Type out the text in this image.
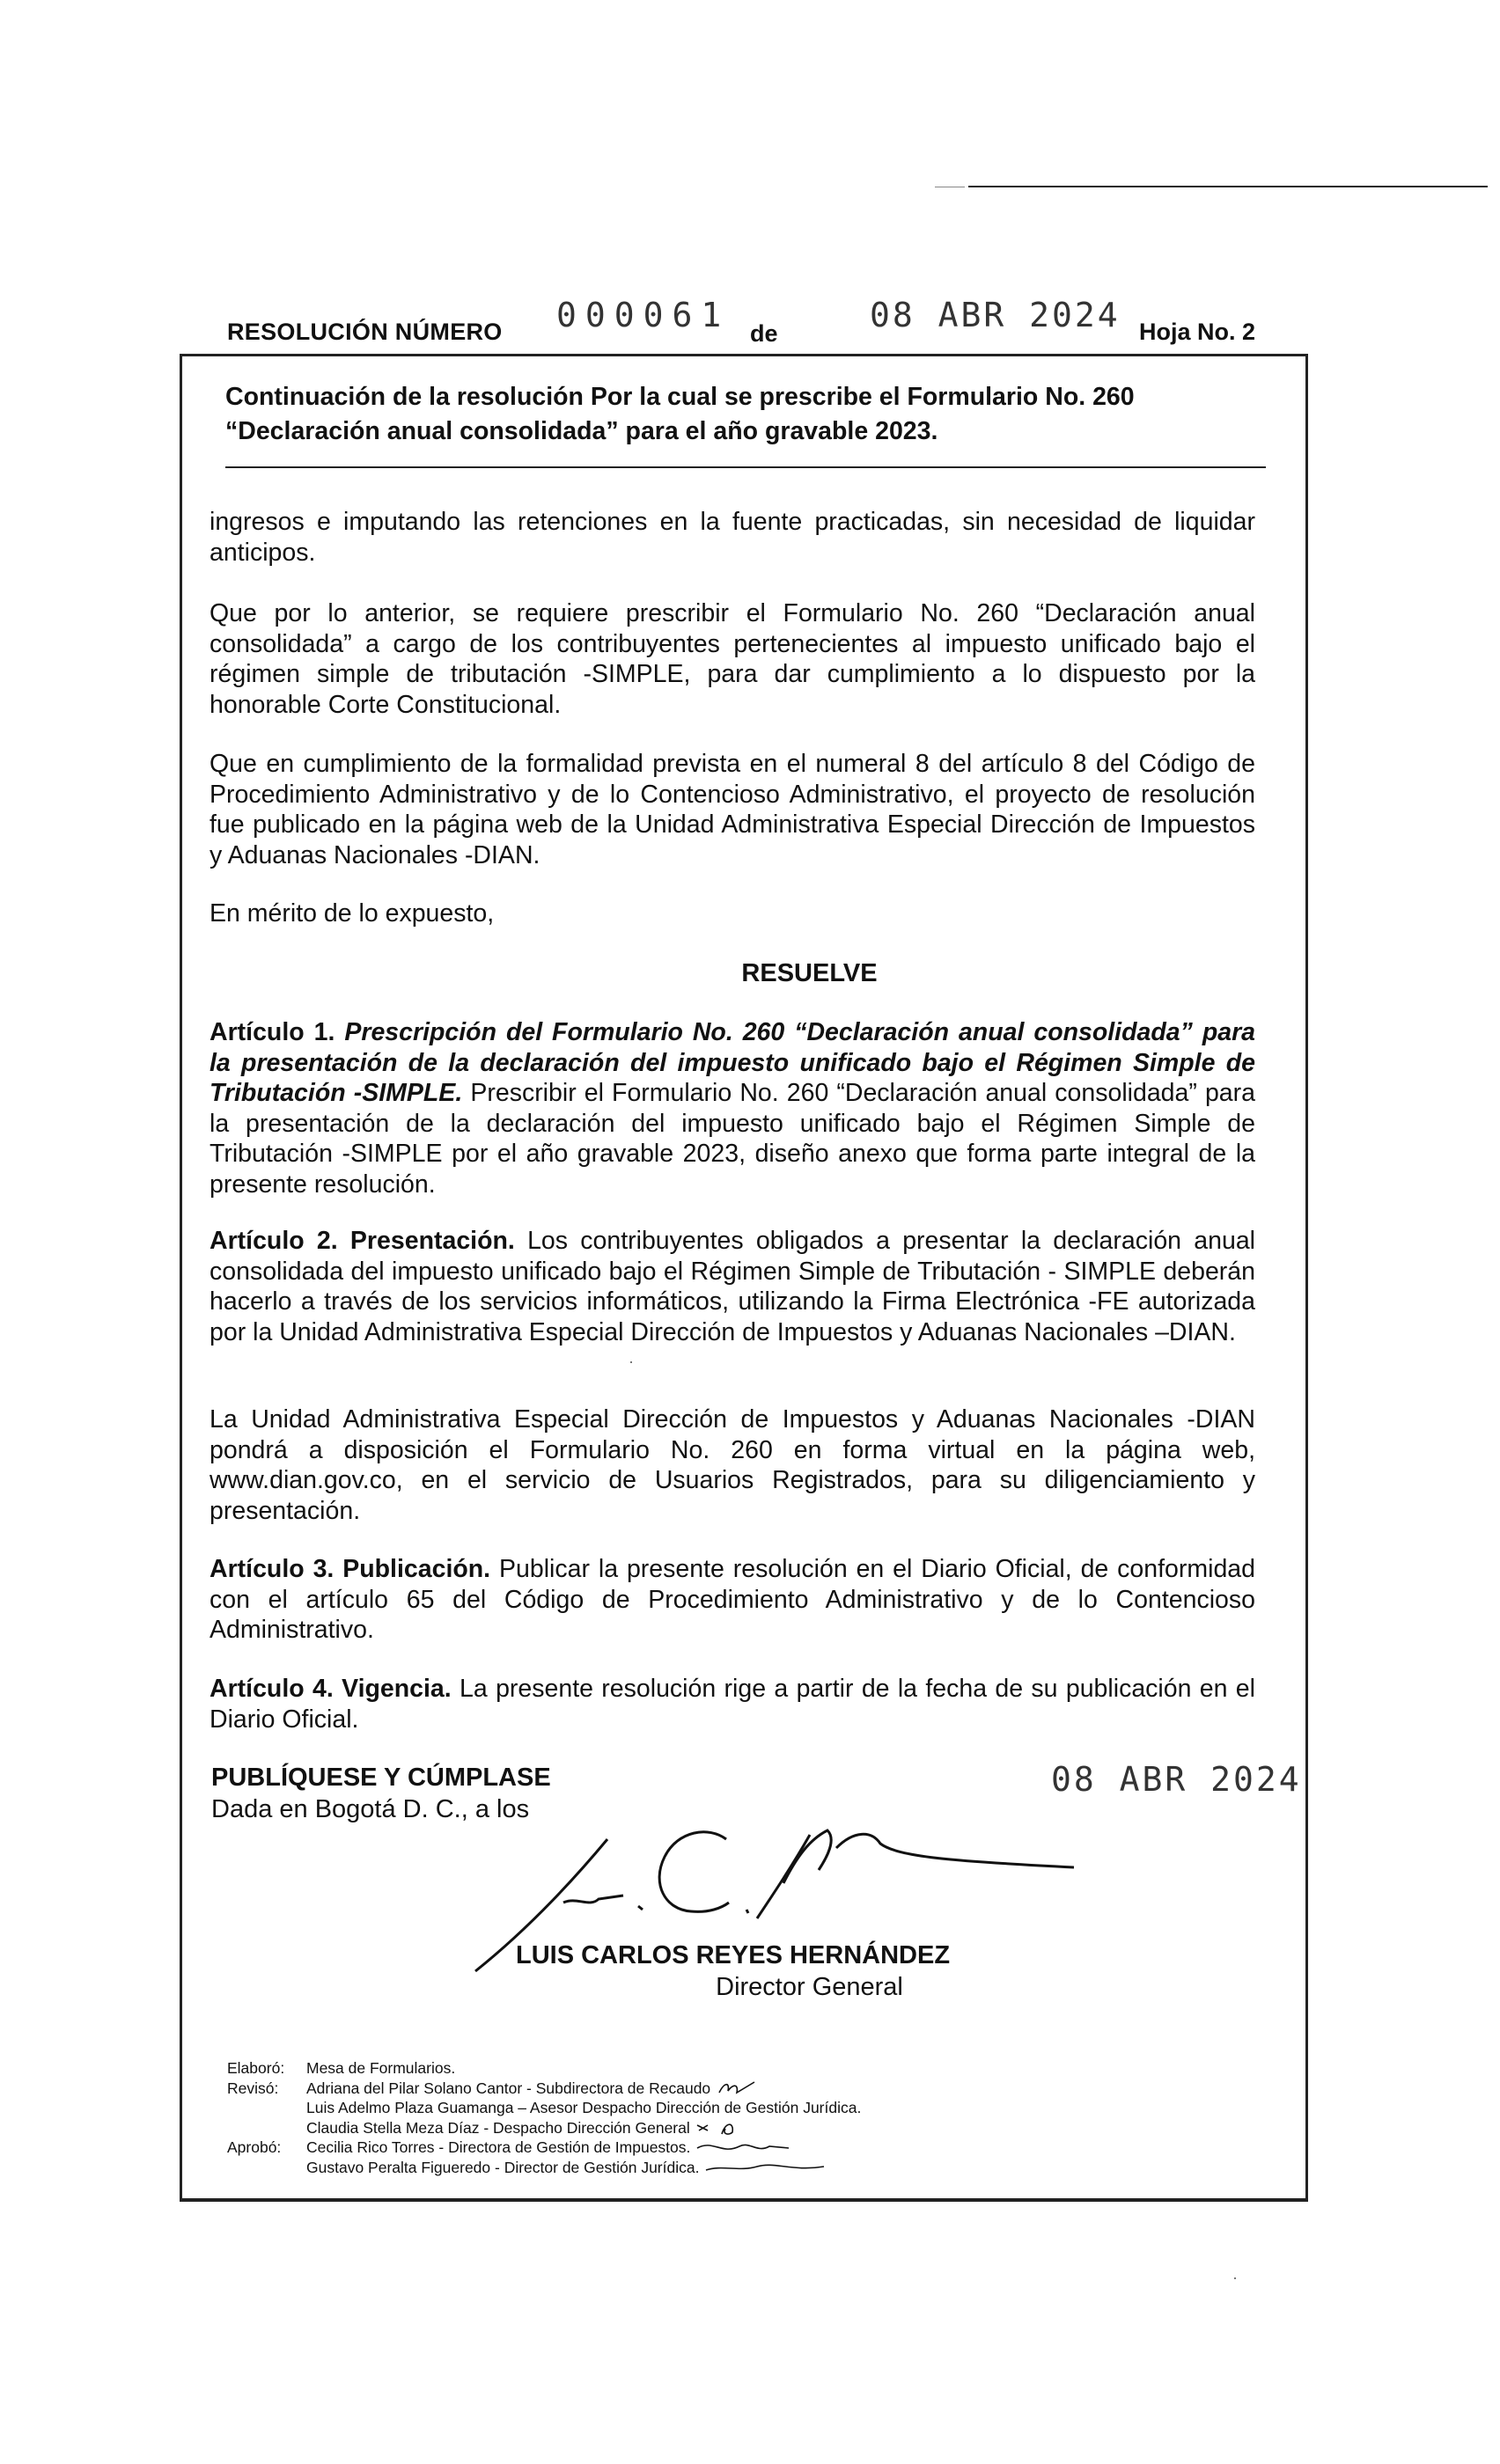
RESOLUCIÓN NÚMERO 000061 de	08 ABR 2024 Hoja No. 2
Continuación de la resolución Por la cual se prescribe el Formulario No. 260
“Declaración anual consolidada” para el año gravable 2023.
ingresos e imputando las retenciones en la fuente practicadas, sin necesidad de liquidar anticipos.
Que por lo anterior, se requiere prescribir el Formulario No. 260 “Declaración anual consolidada” a cargo de los contribuyentes pertenecientes al impuesto unificado bajo el régimen simple de tributación -SIMPLE, para dar cumplimiento a lo dispuesto por la honorable Corte Constitucional.
Que en cumplimiento de la formalidad prevista en el numeral 8 del artículo 8 del Código de Procedimiento Administrativo y de lo Contencioso Administrativo, el proyecto de resolución fue publicado en la página web de la Unidad Administrativa Especial Dirección de Impuestos y Aduanas Nacionales -DIAN.
En mérito de lo expuesto,
RESUELVE
Artículo 1. Prescripción del Formulario No. 260 “Declaración anual consolidada” para la presentación de la declaración del impuesto unificado bajo el Régimen Simple de Tributación -SIMPLE. Prescribir el Formulario No. 260 “Declaración anual consolidada” para la presentación de la declaración del impuesto unificado bajo el Régimen Simple de Tributación -SIMPLE por el año gravable 2023, diseño anexo que forma parte integral de la presente resolución.
Artículo 2. Presentación. Los contribuyentes obligados a presentar la declaración anual consolidada del impuesto unificado bajo el Régimen Simple de Tributación - SIMPLE deberán hacerlo a través de los servicios informáticos, utilizando la Firma Electrónica -FE autorizada por la Unidad Administrativa Especial Dirección de Impuestos y Aduanas Nacionales –DIAN.
La Unidad Administrativa Especial Dirección de Impuestos y Aduanas Nacionales -DIAN pondrá a disposición el Formulario No. 260 en forma virtual en la página web, www.dian.gov.co, en el servicio de Usuarios Registrados, para su diligenciamiento y presentación.
Artículo 3. Publicación. Publicar la presente resolución en el Diario Oficial, de conformidad con el artículo 65 del Código de Procedimiento Administrativo y de lo Contencioso Administrativo.
Artículo 4. Vigencia. La presente resolución rige a partir de la fecha de su publicación en el Diario Oficial.
PUBLÍQUESE Y CÚMPLASE
Dada en Bogotá D. C., a los
08 ABR 2024
LUIS CARLOS REYES HERNÁNDEZ
Director General
Elaboró:	Mesa de Formularios.
Revisó:	Adriana del Pilar Solano Cantor - Subdirectora de Recaudo
Luis Adelmo Plaza Guamanga – Asesor Despacho Dirección de Gestión Jurídica.
Claudia Stella Meza Díaz - Despacho Dirección General
Aprobó:	Cecilia Rico Torres - Directora de Gestión de Impuestos.
Gustavo Peralta Figueredo - Director de Gestión Jurídica.
